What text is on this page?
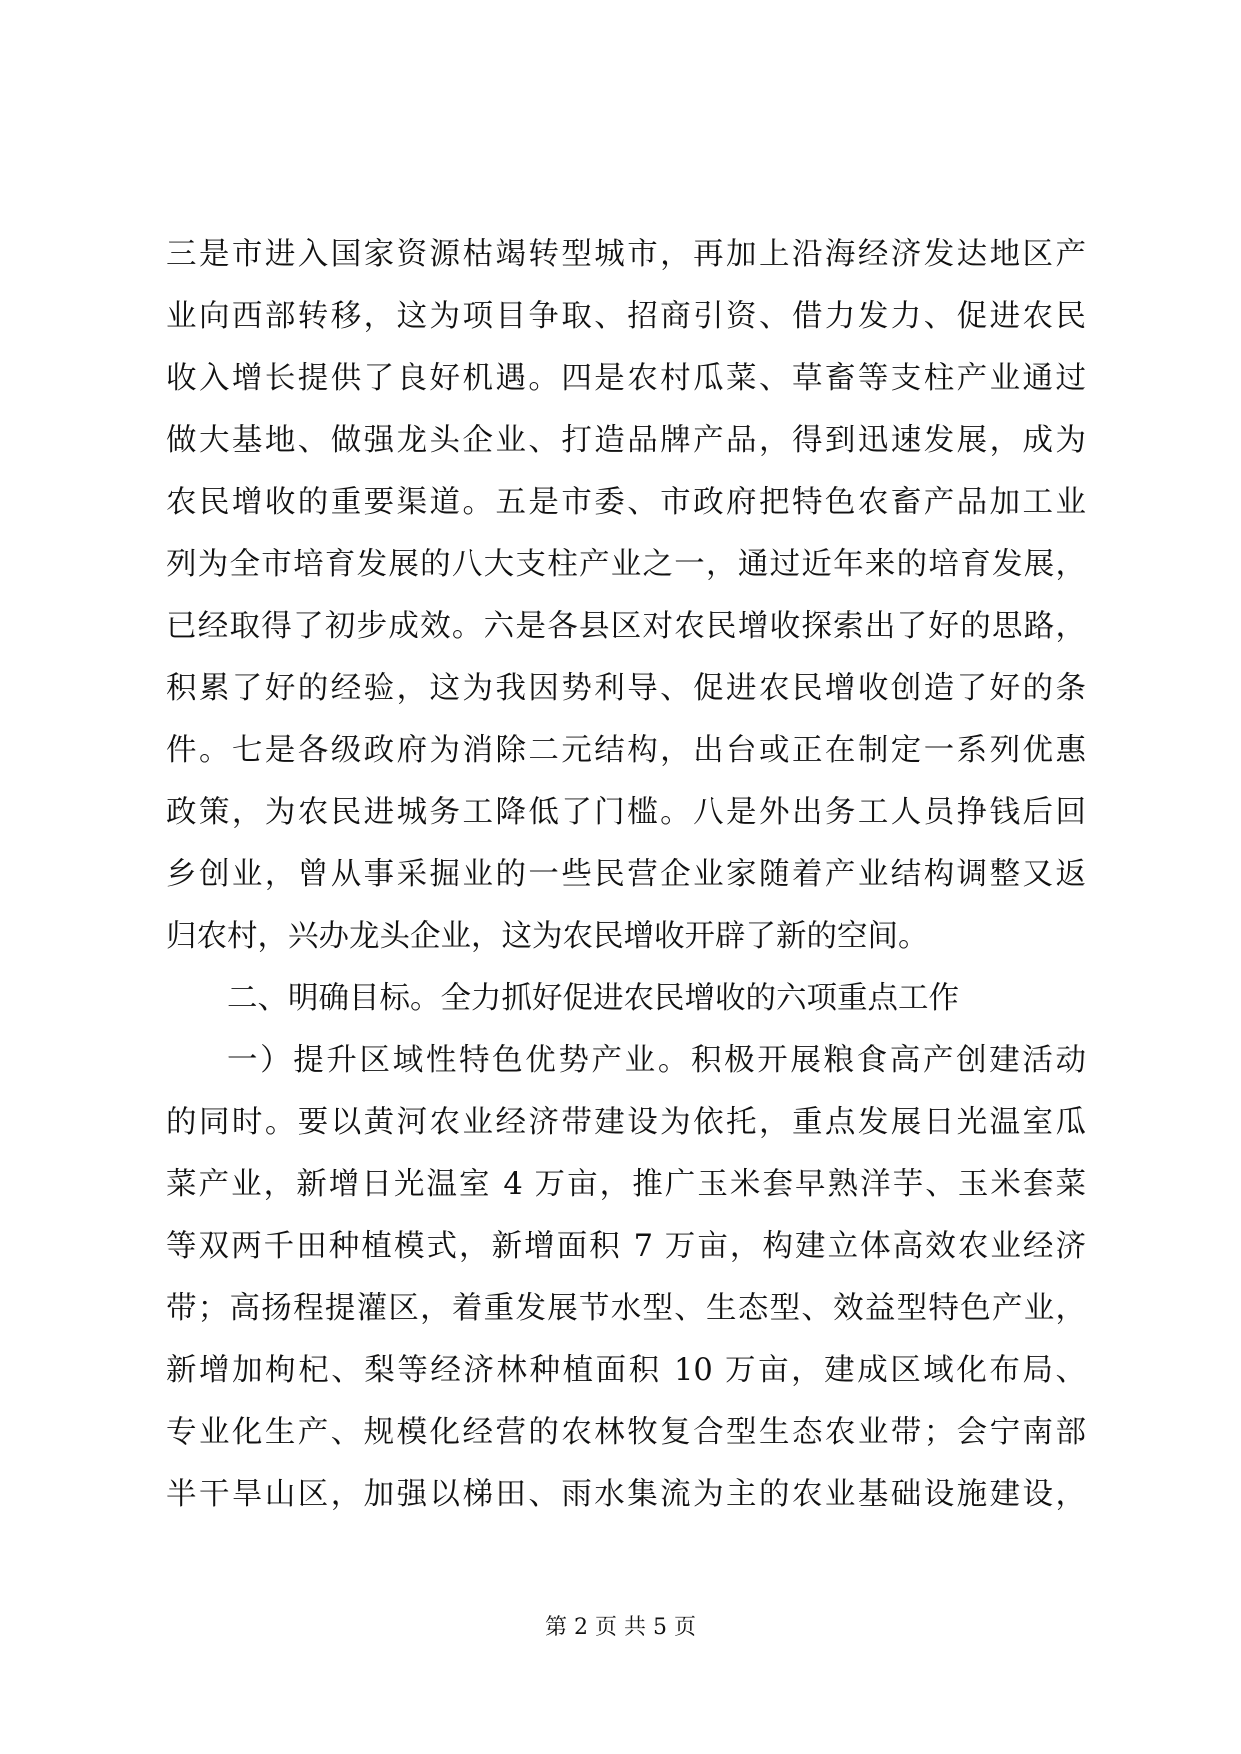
三是市进入国家资源枯竭转型城市，再加上沿海经济发达地区产
业向西部转移，这为项目争取、招商引资、借力发力、促进农民
收入增长提供了良好机遇。四是农村瓜菜、草畜等支柱产业通过
做大基地、做强龙头企业、打造品牌产品，得到迅速发展，成为
农民增收的重要渠道。五是市委、市政府把特色农畜产品加工业
列为全市培育发展的八大支柱产业之一，通过近年来的培育发展，
已经取得了初步成效。六是各县区对农民增收探索出了好的思路，
积累了好的经验，这为我因势利导、促进农民增收创造了好的条
件。七是各级政府为消除二元结构，出台或正在制定一系列优惠
政策，为农民进城务工降低了门槛。八是外出务工人员挣钱后回
乡创业，曾从事采掘业的一些民营企业家随着产业结构调整又返
归农村，兴办龙头企业，这为农民增收开辟了新的空间。
二、明确目标。全力抓好促进农民增收的六项重点工作
一）提升区域性特色优势产业。积极开展粮食高产创建活动
的同时。要以黄河农业经济带建设为依托，重点发展日光温室瓜
菜产业，新增日光温室 4 万亩，推广玉米套早熟洋芋、玉米套菜
等双两千田种植模式，新增面积 7 万亩，构建立体高效农业经济
带；高扬程提灌区，着重发展节水型、生态型、效益型特色产业，
新增加枸杞、梨等经济林种植面积 10 万亩，建成区域化布局、
专业化生产、规模化经营的农林牧复合型生态农业带；会宁南部
半干旱山区，加强以梯田、雨水集流为主的农业基础设施建设，
第 2 页 共 5 页
